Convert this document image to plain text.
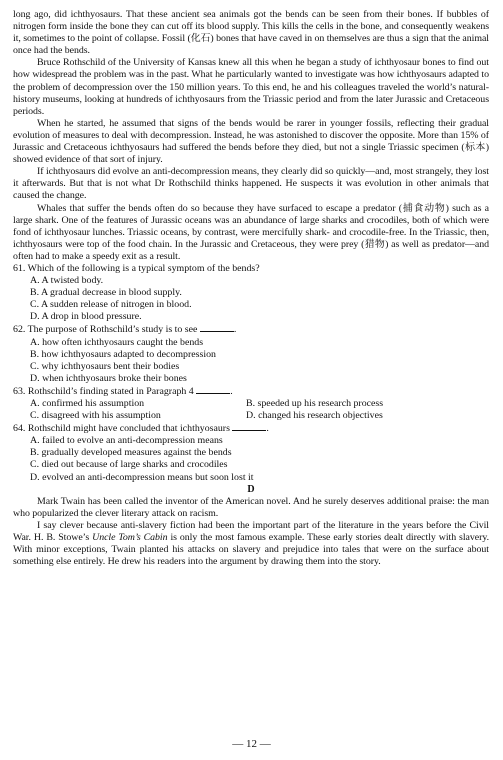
long ago, did ichthyosaurs. That these ancient sea animals got the bends can be seen from their bones. If bubbles of nitrogen form inside the bone they can cut off its blood supply. This kills the cells in the bone, and consequently weakens it, sometimes to the point of collapse. Fossil (化石) bones that have caved in on themselves are thus a sign that the animal once had the bends.

Bruce Rothschild of the University of Kansas knew all this when he began a study of ichthyosaur bones to find out how widespread the problem was in the past. What he particularly wanted to investigate was how ichthyosaurs adapted to the problem of decompression over the 150 million years. To this end, he and his colleagues traveled the world’s natural-history museums, looking at hundreds of ichthyosaurs from the Triassic period and from the later Jurassic and Cretaceous periods.

When he started, he assumed that signs of the bends would be rarer in younger fossils, reflecting their gradual evolution of measures to deal with decompression. Instead, he was astonished to discover the opposite. More than 15% of Jurassic and Cretaceous ichthyosaurs had suffered the bends before they died, but not a single Triassic specimen (标本) showed evidence of that sort of injury.

If ichthyosaurs did evolve an anti-decompression means, they clearly did so quickly—and, most strangely, they lost it afterwards. But that is not what Dr Rothschild thinks happened. He suspects it was evolution in other animals that caused the change.

Whales that suffer the bends often do so because they have surfaced to escape a predator (捕食动物) such as a large shark. One of the features of Jurassic oceans was an abundance of large sharks and crocodiles, both of which were fond of ichthyosaur lunches. Triassic oceans, by contrast, were mercifully shark- and crocodile-free. In the Triassic, then, ichthyosaurs were top of the food chain. In the Jurassic and Cretaceous, they were prey (猎物) as well as predator—and often had to make a speedy exit as a result.

61. Which of the following is a typical symptom of the bends?

A. A twisted body.

B. A gradual decrease in blood supply.

C. A sudden release of nitrogen in blood.

D. A drop in blood pressure.

62. The purpose of Rothschild’s study is to see	.

A. how often ichthyosaurs caught the bends

B. how ichthyosaurs adapted to decompression

C. why ichthyosaurs bent their bodies

D. when ichthyosaurs broke their bones

63. Rothschild’s finding stated in Paragraph 4	.

A. confirmed his assumption	B. speeded up his research process
C. disagreed with his assumption	D. changed his research objectives

64. Rothschild might have concluded that ichthyosaurs	.

A. failed to evolve an anti-decompression means

B. gradually developed measures against the bends

C. died out because of large sharks and crocodiles

D. evolved an anti-decompression means but soon lost it

D

Mark Twain has been called the inventor of the American novel. And he surely deserves additional praise: the man who popularized the clever literary attack on racism.

I say clever because anti-slavery fiction had been the important part of the literature in the years before the Civil War. H. B. Stowe’s Uncle Tom’s Cabin is only the most famous example. These early stories dealt directly with slavery. With minor exceptions, Twain planted his attacks on slavery and prejudice into tales that were on the surface about something else entirely. He drew his readers into the argument by drawing them into the story.

— 12 —
